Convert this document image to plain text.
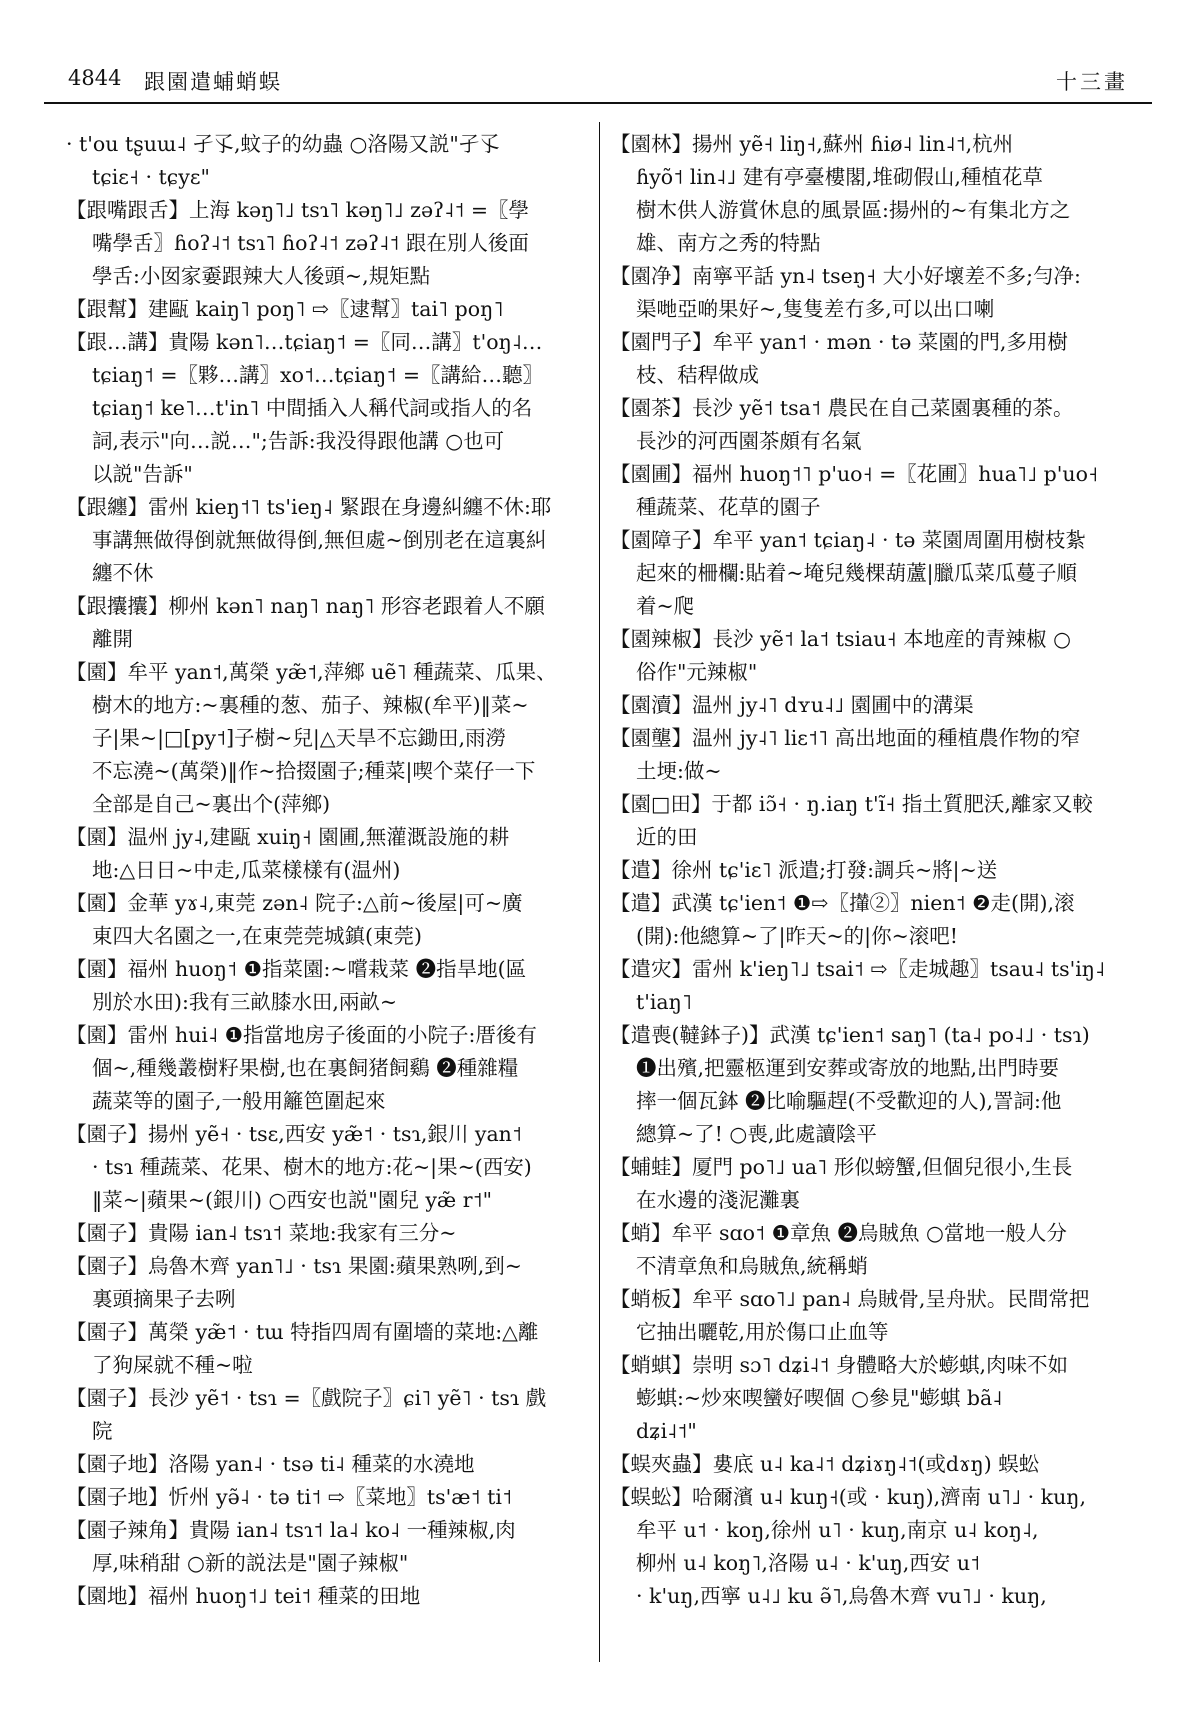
4844 跟園遣蜅蛸蜈	十三畫
· t'ou tʂuɯ˨ 孑孓,蚊子的幼蟲 ○洛陽又説"孑孓
tɕiɛ˧ · tɕyɛ"
【跟嘴跟舌】上海 kəŋ˥˩ tsɿ˥ kəŋ˥˩ zəʔ˨˦ =〖學
嘴學舌〗ɦoʔ˨˦ tsɿ˥ ɦoʔ˨˦ zəʔ˨˦ 跟在別人後面
學舌:小囡家嫑跟辣大人後頭~,規矩點
【跟幫】建甌 kaiŋ˥ poŋ˥ ⇨〖逮幫〗tai˥ poŋ˥
【跟…講】貴陽 kən˥…tɕiaŋ˦ =〖同…講〗t'oŋ˨…
tɕiaŋ˦ =〖夥…講〗xo˦…tɕiaŋ˦ =〖講給…聽〗
tɕiaŋ˦ ke˥…t'in˥ 中間插入人稱代詞或指人的名
詞,表示"向…説…";告訴:我没得跟他講 ○也可
以説"告訴"
【跟纏】雷州 kieŋ˦˥ ts'ieŋ˨ 緊跟在身邊糾纏不休:耶
事講無做得倒就無做得倒,無但處~倒別老在這裏糾
纏不休
【跟攮攮】柳州 kən˥ naŋ˥ naŋ˥ 形容老跟着人不願
離開
【園】牟平 yan˦,萬榮 yæ̃˦,萍鄉 uẽ˥ 種蔬菜、瓜果、
樹木的地方:~裏種的葱、茄子、辣椒(牟平)‖菜~
子|果~|□[py˦]子樹~兒|△天旱不忘鋤田,雨澇
不忘澆~(萬榮)‖作~拾掇園子;種菜|喫个菜仔一下
全部是自己~裏出个(萍鄉)
【園】温州 jy˨,建甌 xuiŋ˧ 園圃,無灌溉設施的耕
地:△日日~中走,瓜菜樣樣有(温州)
【園】金華 yɤ˨,東莞 zən˨ 院子:△前~後屋|可~廣
東四大名園之一,在東莞莞城鎮(東莞)
【園】福州 huoŋ˦ ❶指菜園:~嚐栽菜 ❷指旱地(區
別於水田):我有三畝膝水田,兩畝~
【園】雷州 hui˨ ❶指當地房子後面的小院子:厝後有
個~,種幾叢樹籽果樹,也在裏飼猪飼鷄 ❷種雜糧
蔬菜等的園子,一般用籬笆圍起來
【園子】揚州 yẽ˧ · tsɛ,西安 yæ̃˦ · tsɿ,銀川 yan˦
· tsɿ 種蔬菜、花果、樹木的地方:花~|果~(西安)
‖菜~|蘋果~(銀川) ○西安也説"園兒 yæ̃ r˦"
【園子】貴陽 ian˨ tsɿ˦ 菜地:我家有三分~
【園子】烏魯木齊 yan˥˩ · tsɿ 果園:蘋果熟咧,到~
裏頭摘果子去咧
【園子】萬榮 yæ̃˦ · tɯ 特指四周有圍墻的菜地:△離
了狗屎就不種~啦
【園子】長沙 yẽ˦ · tsɿ =〖戲院子〗ɕi˥ yẽ˥ · tsɿ 戲
院
【園子地】洛陽 yan˨ · tsə ti˨ 種菜的水澆地
【園子地】忻州 yə̃˨ · tə ti˦ ⇨〖菜地〗ts'æ˦ ti˦
【園子辣角】貴陽 ian˨ tsɿ˦ la˨ ko˨ 一種辣椒,肉
厚,味稍甜 ○新的説法是"園子辣椒"
【園地】福州 huoŋ˦˩ tei˦ 種菜的田地
【園林】揚州 yẽ˧ liŋ˧,蘇州 ɦiø˨ lin˨˦,杭州
ɦyõ˦ lin˨˩ 建有亭臺樓閣,堆砌假山,種植花草
樹木供人游賞休息的風景區:揚州的~有集北方之
雄、南方之秀的特點
【園净】南寧平話 yn˨ tseŋ˧ 大小好壞差不多;勻净:
渠哋亞啲果好~,隻隻差冇多,可以出口喇
【園門子】牟平 yan˦ · mən · tə 菜園的門,多用樹
枝、秸稈做成
【園茶】長沙 yẽ˦ tsa˦ 農民在自己菜園裏種的茶。
長沙的河西園茶頗有名氣
【園圃】福州 huoŋ˦˥ p'uo˧ =〖花圃〗hua˥˩ p'uo˧
種蔬菜、花草的園子
【園障子】牟平 yan˦ tɕiaŋ˨ · tə 菜園周圍用樹枝紮
起來的柵欄:貼着~埯兒幾棵葫蘆|臘瓜菜瓜蔓子順
着~爬
【園辣椒】長沙 yẽ˦ la˦ tsiau˧ 本地産的青辣椒 ○
俗作"元辣椒"
【園瀆】温州 jy˨˥ dʏu˨˩ 園圃中的溝渠
【園壟】温州 jy˨˥ liɛ˦˥ 高出地面的種植農作物的窄
土埂:做~
【園□田】于都 iɔ̃˧ · ŋ.iaŋ t'ĩ˧ 指土質肥沃,離家又較
近的田
【遣】徐州 tɕ'iɛ˥ 派遣;打發:調兵~將|~送
【遣】武漢 tɕ'ien˦ ❶⇨〖攆②〗nien˦ ❷走(開),滚
(開):他總算~了|昨天~的|你~滚吧!
【遣灾】雷州 k'ieŋ˥˩ tsai˦ ⇨〖走城趣〗tsau˨ ts'iŋ˨
t'iaŋ˥
【遣喪(韃鉢子)】武漢 tɕ'ien˦ saŋ˥ (ta˨ po˨˩ · tsɿ)
❶出殯,把靈柩運到安葬或寄放的地點,出門時要
摔一個瓦鉢 ❷比喻驅趕(不受歡迎的人),詈詞:他
總算~了! ○喪,此處讀陰平
【蜅蛙】厦門 po˥˩ ua˥ 形似螃蟹,但個兒很小,生長
在水邊的淺泥灘裏
【蛸】牟平 sɑo˦ ❶章魚 ❷烏賊魚 ○當地一般人分
不清章魚和烏賊魚,統稱蛸
【蛸板】牟平 sɑo˥˩ pan˨ 烏賊骨,呈舟狀。民間常把
它抽出曬乾,用於傷口止血等
【蛸蜞】崇明 sɔ˥ dʑi˨˦ 身體略大於蟛蜞,肉味不如
蟛蜞:~炒來喫蠻好喫個 ○參見"蟛蜞 bã˨
dʑi˨˦"
【蜈夾蟲】婁底 u˨ ka˨˦ dʑiɤŋ˨˦(或dɤŋ) 蜈蚣
【蜈蚣】哈爾濱 u˨ kuŋ˧(或 · kuŋ),濟南 u˥˩ · kuŋ,
牟平 u˦ · koŋ,徐州 u˥ · kuŋ,南京 u˨ koŋ˨,
柳州 u˨ koŋ˥,洛陽 u˨ · k'uŋ,西安 u˦
· k'uŋ,西寧 u˨˩ ku ə̃˥,烏魯木齊 vu˥˩ · kuŋ,
